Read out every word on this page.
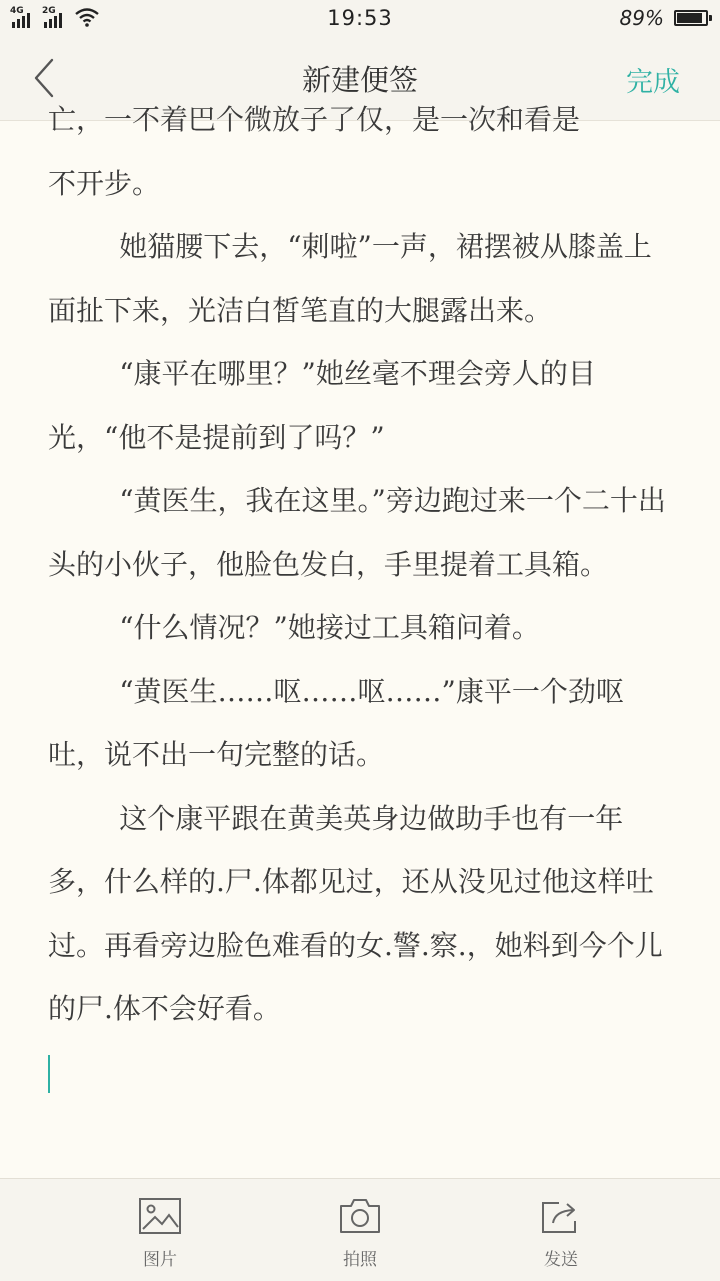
4G 2G	19:53	89%
新建便签	完成
亡，一不着巴个微放子了仅，是一次和看是
不开步。
她猫腰下去，“刺啦”一声，裙摆被从膝盖上面扯下来，光洁白皙笔直的大腿露出来。
“康平在哪里？”她丝毫不理会旁人的目光，“他不是提前到了吗？”
“黄医生，我在这里。”旁边跑过来一个二十出头的小伙子，他脸色发白，手里提着工具箱。
“什么情况？”她接过工具箱问着。
“黄医生……呕……呕……”康平一个劲呕吐，说不出一句完整的话。
这个康平跟在黄美英身边做助手也有一年多，什么样的.尸.体都见过，还从没见过他这样吐过。再看旁边脸色难看的女.警.察.，她料到今个儿的尸.体不会好看。
图片	拍照	发送
